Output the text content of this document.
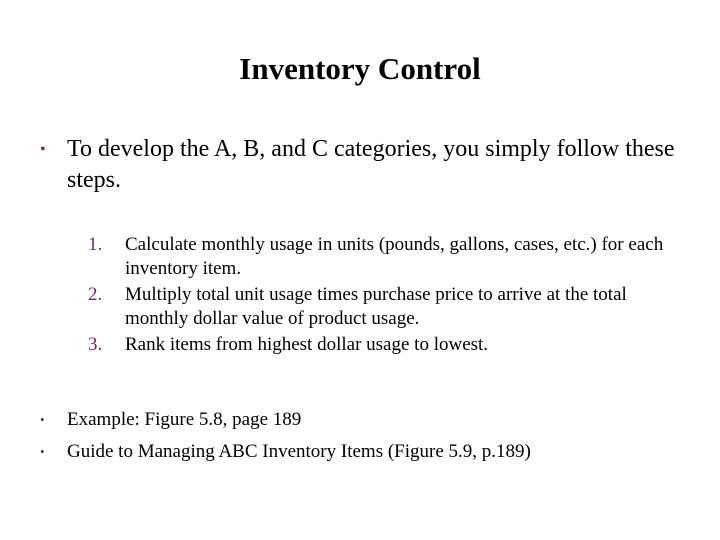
Inventory Control
• To develop the A, B, and C categories, you simply follow these steps.
1.	Calculate monthly usage in units (pounds, gallons, cases, etc.) for each inventory item.
2.	Multiply total unit usage times purchase price to arrive at the total monthly dollar value of product usage.
3.	Rank items from highest dollar usage to lowest.
•	Example: Figure 5.8, page 189
•	Guide to Managing ABC Inventory Items (Figure 5.9, p.189)
